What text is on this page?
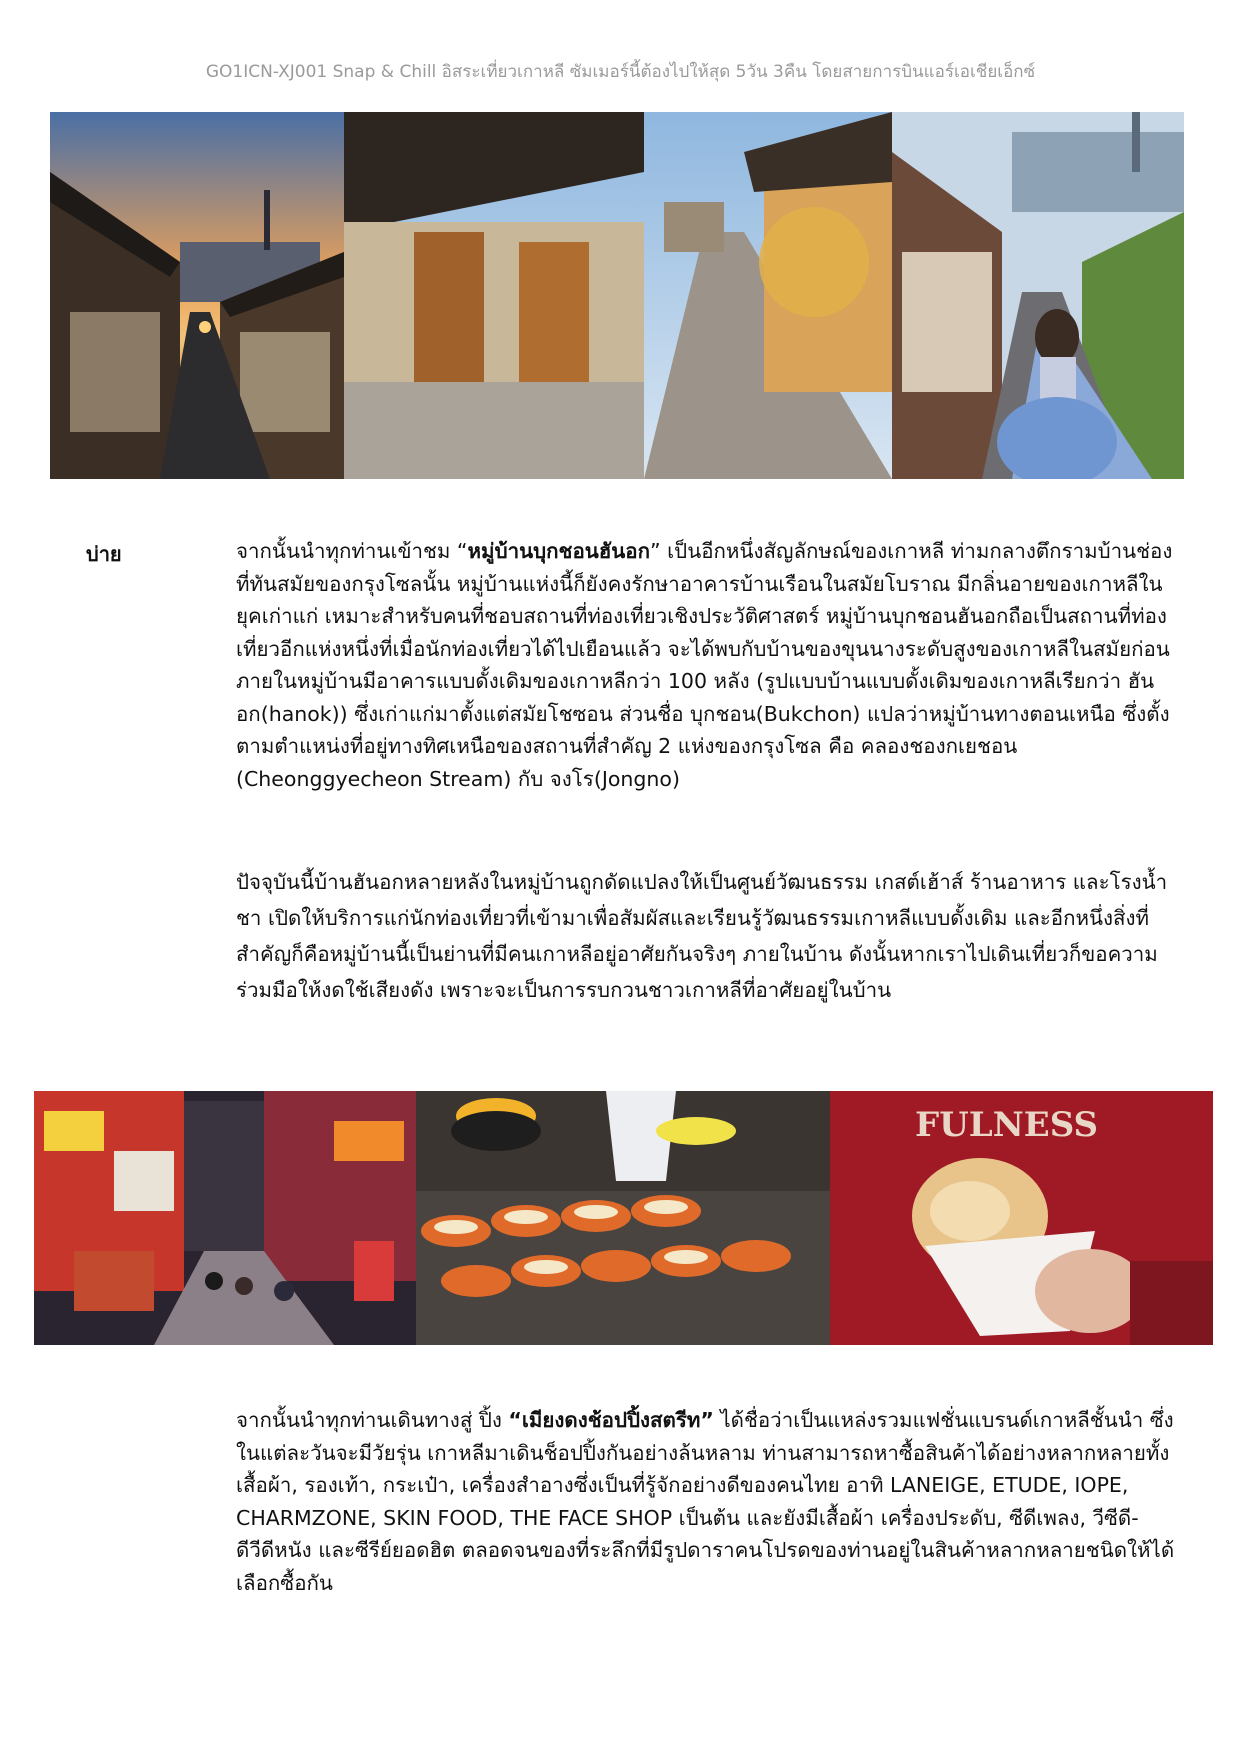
GO1ICN-XJ001 Snap & Chill อิสระเที่ยวเกาหลี ซัมเมอร์นี้ต้องไปให้สุด 5วัน 3คืน โดยสายการบินแอร์เอเชียเอ็กซ์
บ่าย	จากนั้นนำทุกท่านเข้าชม “หมู่บ้านบุกชอนฮันอก” เป็นอีกหนึ่งสัญลักษณ์ของเกาหลี ท่ามกลางตึกรามบ้านช่องที่ทันสมัยของกรุงโซลนั้น หมู่บ้านแห่งนี้ก็ยังคงรักษาอาคารบ้านเรือนในสมัยโบราณ มีกลิ่นอายของเกาหลีในยุคเก่าแก่ เหมาะสำหรับคนที่ชอบสถานที่ท่องเที่ยวเชิงประวัติศาสตร์ หมู่บ้านบุกชอนฮันอกถือเป็นสถานที่ท่องเที่ยวอีกแห่งหนึ่งที่เมื่อนักท่องเที่ยวได้ไปเยือนแล้ว จะได้พบกับบ้านของขุนนางระดับสูงของเกาหลีในสมัยก่อน ภายในหมู่บ้านมีอาคารแบบดั้งเดิมของเกาหลีกว่า 100 หลัง (รูปแบบบ้านแบบดั้งเดิมของเกาหลีเรียกว่า ฮันอก(hanok)) ซึ่งเก่าแก่มาตั้งแต่สมัยโชซอน ส่วนชื่อ บุกชอน(Bukchon) แปลว่าหมู่บ้านทางตอนเหนือ ซึ่งตั้งตามตำแหน่งที่อยู่ทางทิศเหนือของสถานที่สำคัญ 2 แห่งของกรุงโซล คือ คลองชองกเยชอน (Cheonggyecheon Stream) กับ จงโร(Jongno)
ปัจจุบันนี้บ้านฮันอกหลายหลังในหมู่บ้านถูกดัดแปลงให้เป็นศูนย์วัฒนธรรม เกสต์เฮ้าส์ ร้านอาหาร และโรงน้ำชา เปิดให้บริการแก่นักท่องเที่ยวที่เข้ามาเพื่อสัมผัสและเรียนรู้วัฒนธรรมเกาหลีแบบดั้งเดิม และอีกหนึ่งสิ่งที่สำคัญก็คือหมู่บ้านนี้เป็นย่านที่มีคนเกาหลีอยู่อาศัยกันจริงๆ ภายในบ้าน ดังนั้นหากเราไปเดินเที่ยวก็ขอความร่วมมือให้งดใช้เสียงดัง เพราะจะเป็นการรบกวนชาวเกาหลีที่อาศัยอยู่ในบ้าน
FULNESS
จากนั้นนำทุกท่านเดินทางสู่ ปิ้ง “เมียงดงช้อปปิ้งสตรีท” ได้ชื่อว่าเป็นแหล่งรวมแฟชั่นแบรนด์เกาหลีชั้นนำ ซึ่งในแต่ละวันจะมีวัยรุ่น เกาหลีมาเดินช็อปปิ้งกันอย่างล้นหลาม ท่านสามารถหาซื้อสินค้าได้อย่างหลากหลายทั้งเสื้อผ้า, รองเท้า, กระเป๋า, เครื่องสำอางซึ่งเป็นที่รู้จักอย่างดีของคนไทย อาทิ LANEIGE, ETUDE, IOPE, CHARMZONE, SKIN FOOD, THE FACE SHOP เป็นต้น และยังมีเสื้อผ้า เครื่องประดับ, ซีดีเพลง, วีซีดี-ดีวีดีหนัง และซีรีย์ยอดฮิต ตลอดจนของที่ระลึกที่มีรูปดาราคนโปรดของท่านอยู่ในสินค้าหลากหลายชนิดให้ได้เลือกซื้อกัน
